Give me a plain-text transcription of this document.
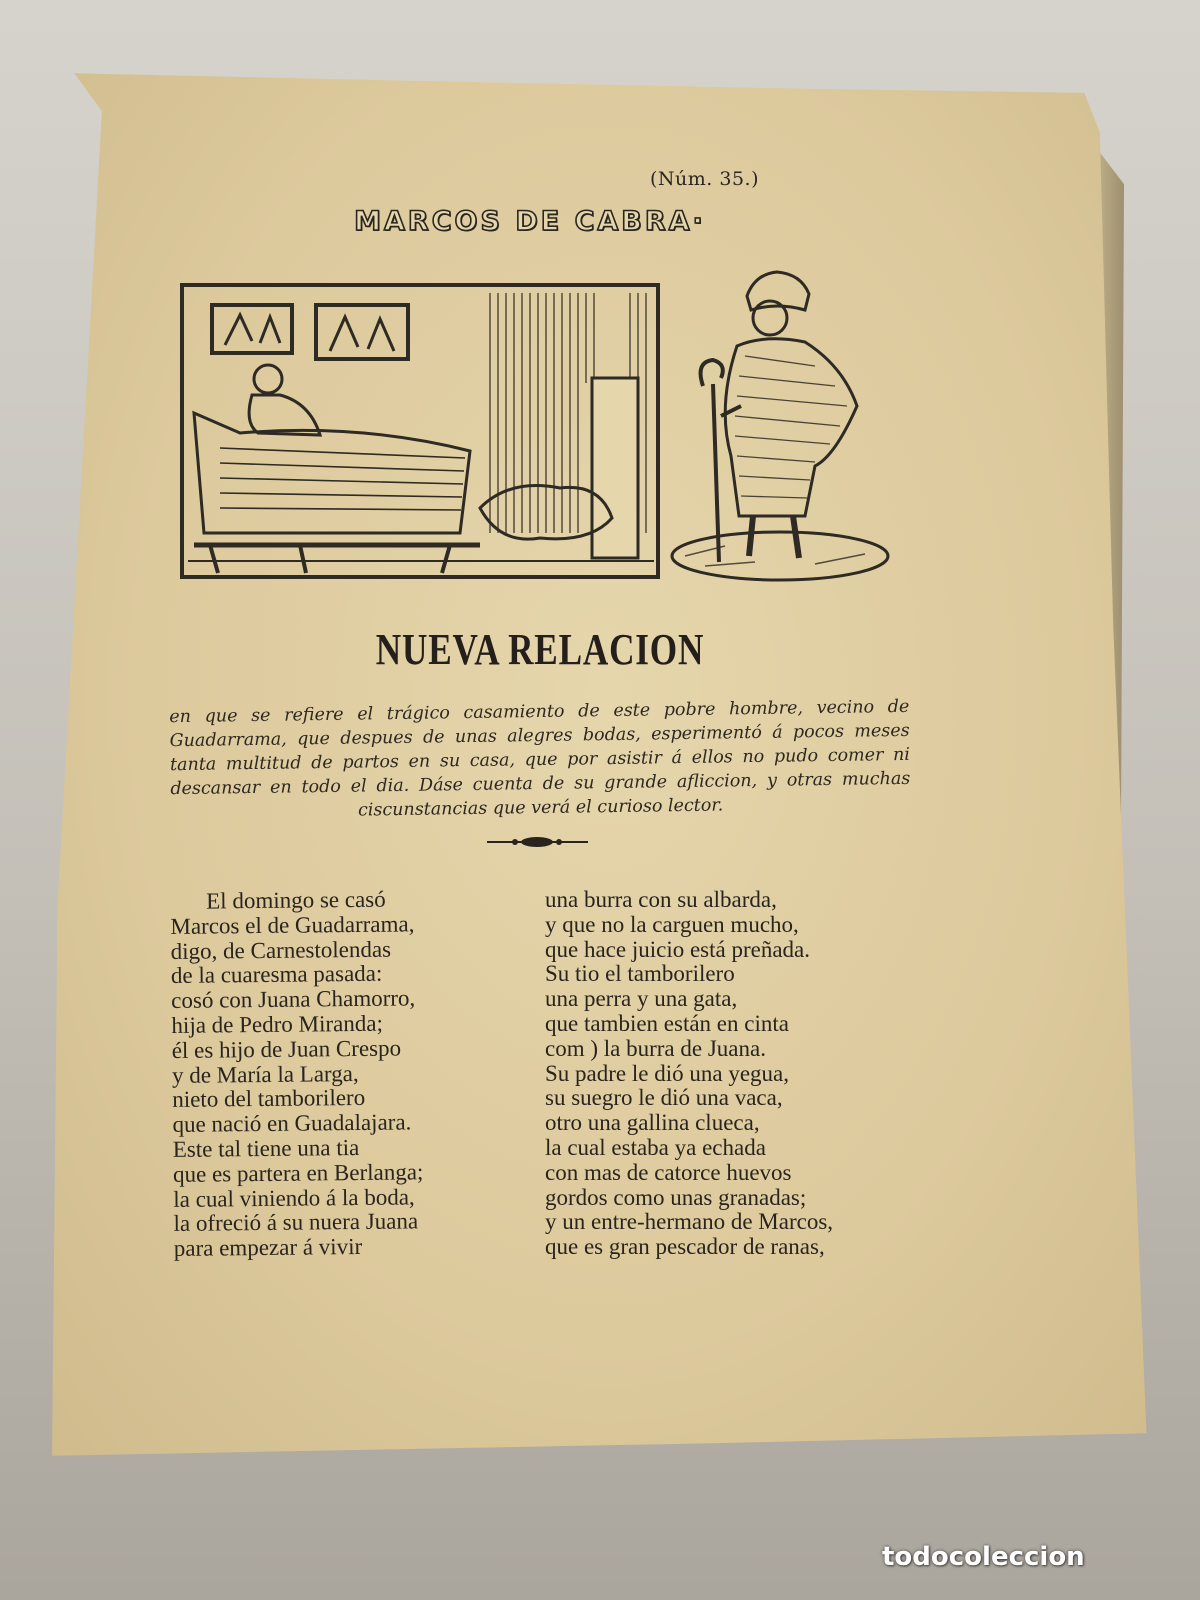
(Núm. 35.)
MARCOS DE CABRA·
NUEVA RELACION
en que se refiere el trágico casamiento de este pobre hombre, vecino de Guadarrama, que despues de unas alegres bodas, esperimentó á pocos meses tanta multitud de partos en su casa, que por asistir á ellos no pudo comer ni descansar en todo el dia. Dáse cuenta de su grande afliccion, y otras muchas ciscunstancias que verá el curioso lector.
El domingo se casó
Marcos el de Guadarrama,
digo, de Carnestolendas
de la cuaresma pasada:
cosó con Juana Chamorro,
hija de Pedro Miranda;
él es hijo de Juan Crespo
y de María la Larga,
nieto del tamborilero
que nació en Guadalajara.
Este tal tiene una tia
que es partera en Berlanga;
la cual viniendo á la boda,
la ofreció á su nuera Juana
para empezar á vivir
una burra con su albarda,
y que no la carguen mucho,
que hace juicio está preñada.
Su tio el tamborilero
una perra y una gata,
que tambien están en cinta
com ) la burra de Juana.
Su padre le dió una yegua,
su suegro le dió una vaca,
otro una gallina clueca,
la cual estaba ya echada
con mas de catorce huevos
gordos como unas granadas;
y un entre-hermano de Marcos,
que es gran pescador de ranas,
todocoleccion
